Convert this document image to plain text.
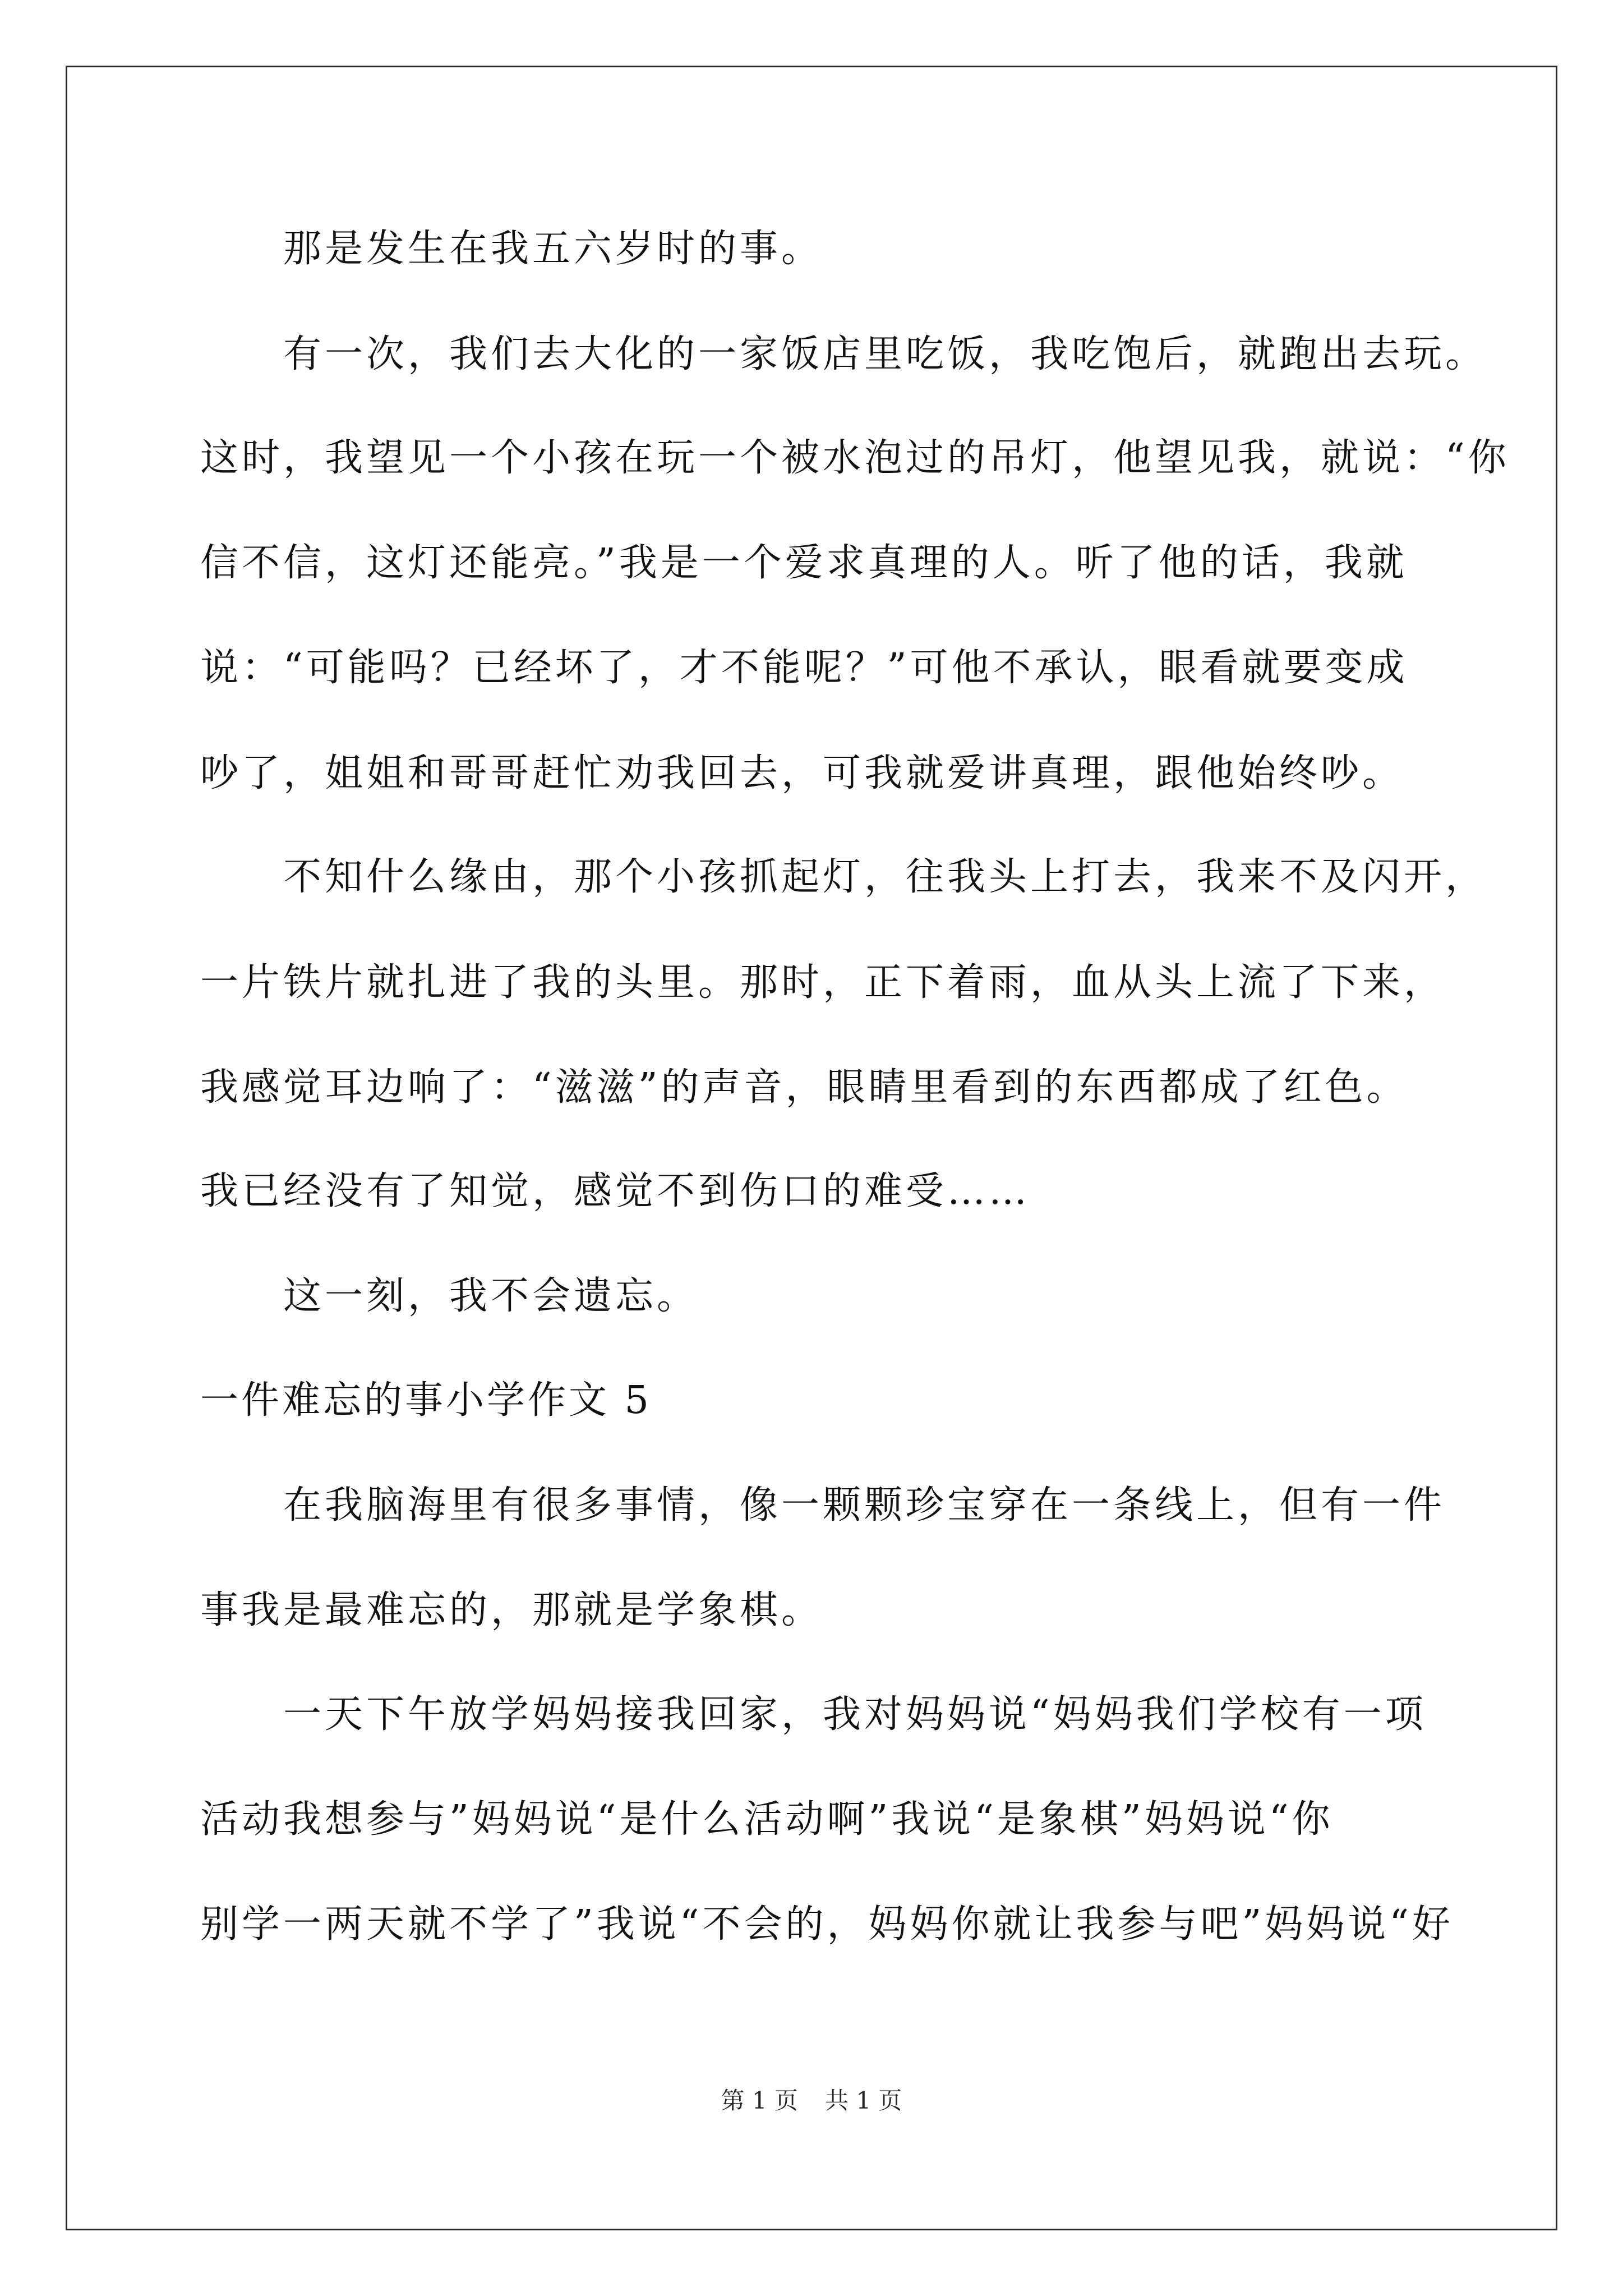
那是发生在我五六岁时的事。
有一次，我们去大化的一家饭店里吃饭，我吃饱后，就跑出去玩。
这时，我望见一个小孩在玩一个被水泡过的吊灯，他望见我，就说：“你
信不信，这灯还能亮。”我是一个爱求真理的人。听了他的话，我就
说：“可能吗？已经坏了，才不能呢？”可他不承认，眼看就要变成
吵了，姐姐和哥哥赶忙劝我回去，可我就爱讲真理，跟他始终吵。
不知什么缘由，那个小孩抓起灯，往我头上打去，我来不及闪开，
一片铁片就扎进了我的头里。那时，正下着雨，血从头上流了下来，
我感觉耳边响了：“滋滋”的声音，眼睛里看到的东西都成了红色。
我已经没有了知觉，感觉不到伤口的难受……
这一刻，我不会遗忘。
一件难忘的事小学作文 5
在我脑海里有很多事情，像一颗颗珍宝穿在一条线上，但有一件
事我是最难忘的，那就是学象棋。
一天下午放学妈妈接我回家，我对妈妈说“妈妈我们学校有一项
活动我想参与”妈妈说“是什么活动啊”我说“是象棋”妈妈说“你
别学一两天就不学了”我说“不会的，妈妈你就让我参与吧”妈妈说“好
第 1 页 共 1 页
